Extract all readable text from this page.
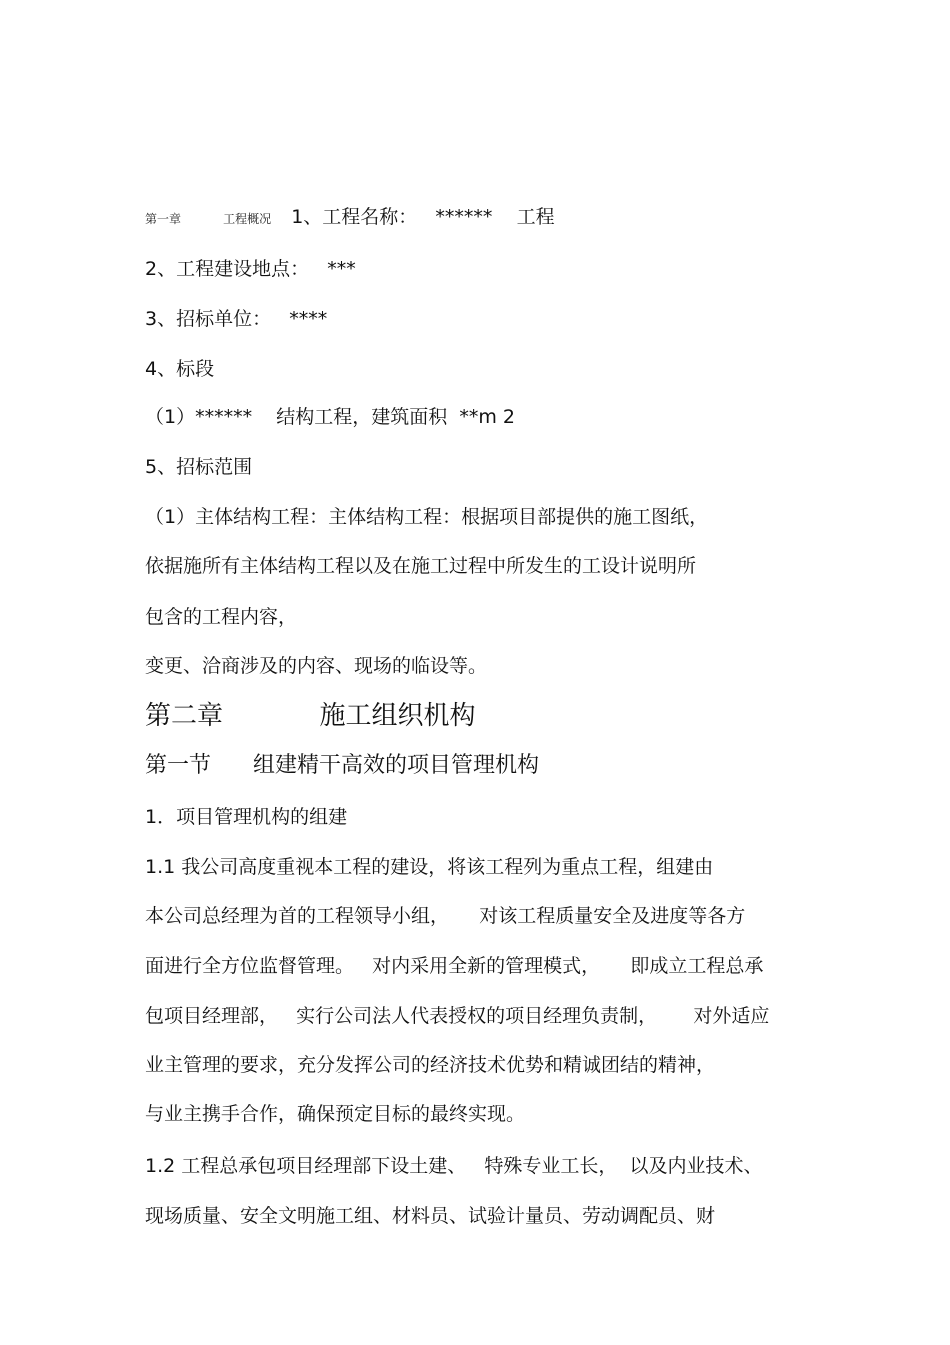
第一章	工程概况 1、工程名称：   ******    工程
2、工程建设地点：   ***
3、招标单位：   ****
4、标段
（1）******    结构工程，建筑面积  **m 2
5、招标范围
（1）主体结构工程：主体结构工程：根据项目部提供的施工图纸，
依据施所有主体结构工程以及在施工过程中所发生的工设计说明所
包含的工程内容，
变更、洽商涉及的内容、现场的临设等。
第二章	施工组织机构
第一节 组建精干高效的项目管理机构
1．项目管理机构的组建
1.1 我公司高度重视本工程的建设，将该工程列为重点工程，组建由
本公司总经理为首的工程领导小组，     对该工程质量安全及进度等各方
面进行全方位监督管理。   对内采用全新的管理模式，     即成立工程总承
包项目经理部，   实行公司法人代表授权的项目经理负责制，      对外适应
业主管理的要求，充分发挥公司的经济技术优势和精诚团结的精神，
与业主携手合作，确保预定目标的最终实现。
1.2 工程总承包项目经理部下设土建、   特殊专业工长，  以及内业技术、
现场质量、安全文明施工组、材料员、试验计量员、劳动调配员、财
